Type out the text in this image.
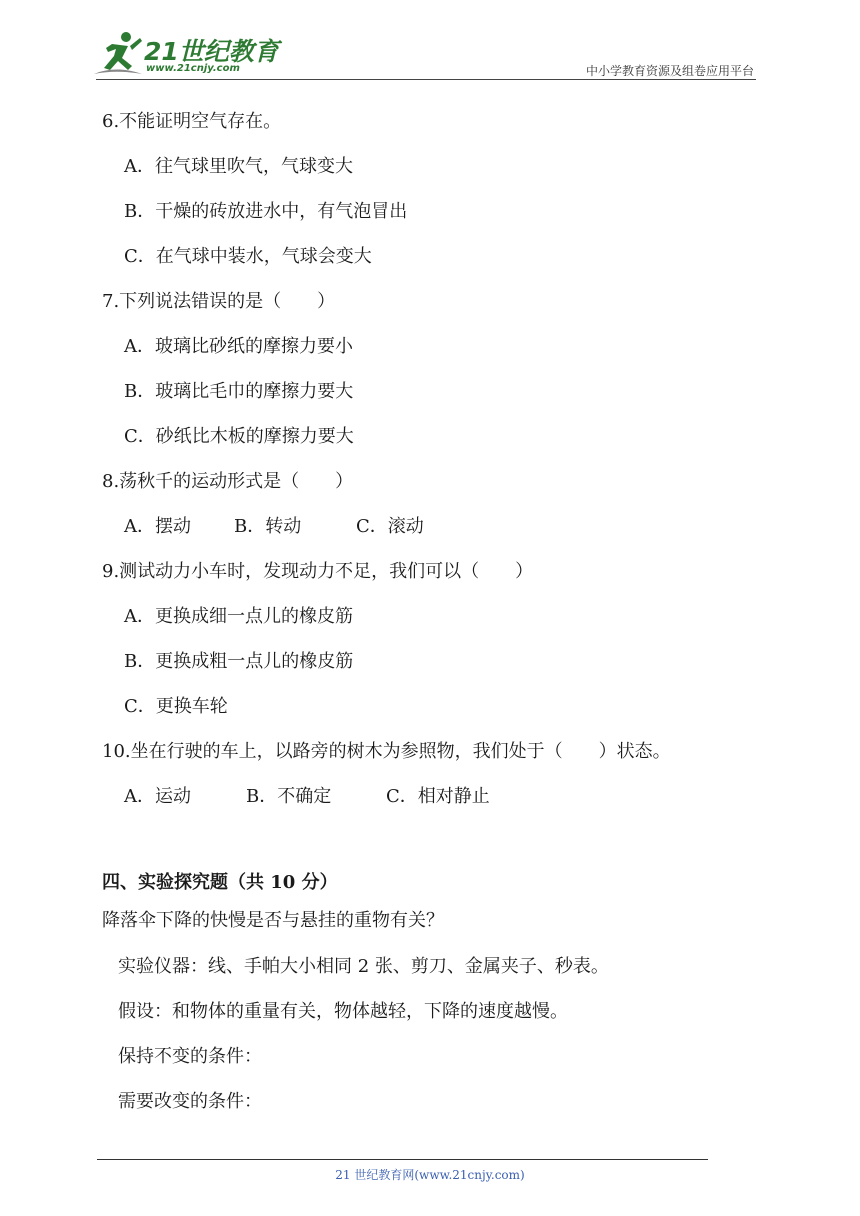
21世纪教育
www.21cnjy.com	中小学教育资源及组卷应用平台
6.不能证明空气存在。
A．往气球里吹气，气球变大
B．干燥的砖放进水中，有气泡冒出
C．在气球中装水，气球会变大
7.下列说法错误的是（　　）
A．玻璃比砂纸的摩擦力要小
B．玻璃比毛巾的摩擦力要大
C．砂纸比木板的摩擦力要大
8.荡秋千的运动形式是（　　）
A．摆动 B．转动	C．滚动
9.测试动力小车时，发现动力不足，我们可以（　　）
A．更换成细一点儿的橡皮筋
B．更换成粗一点儿的橡皮筋
C．更换车轮
10.坐在行驶的车上，以路旁的树木为参照物，我们处于（　　）状态。
A．运动	B．不确定	C．相对静止
四、实验探究题（共 10 分）
降落伞下降的快慢是否与悬挂的重物有关？
实验仪器：线、手帕大小相同 2 张、剪刀、金属夹子、秒表。
假设：和物体的重量有关，物体越轻，下降的速度越慢。
保持不变的条件：
需要改变的条件：
21 世纪教育网(www.21cnjy.com)
